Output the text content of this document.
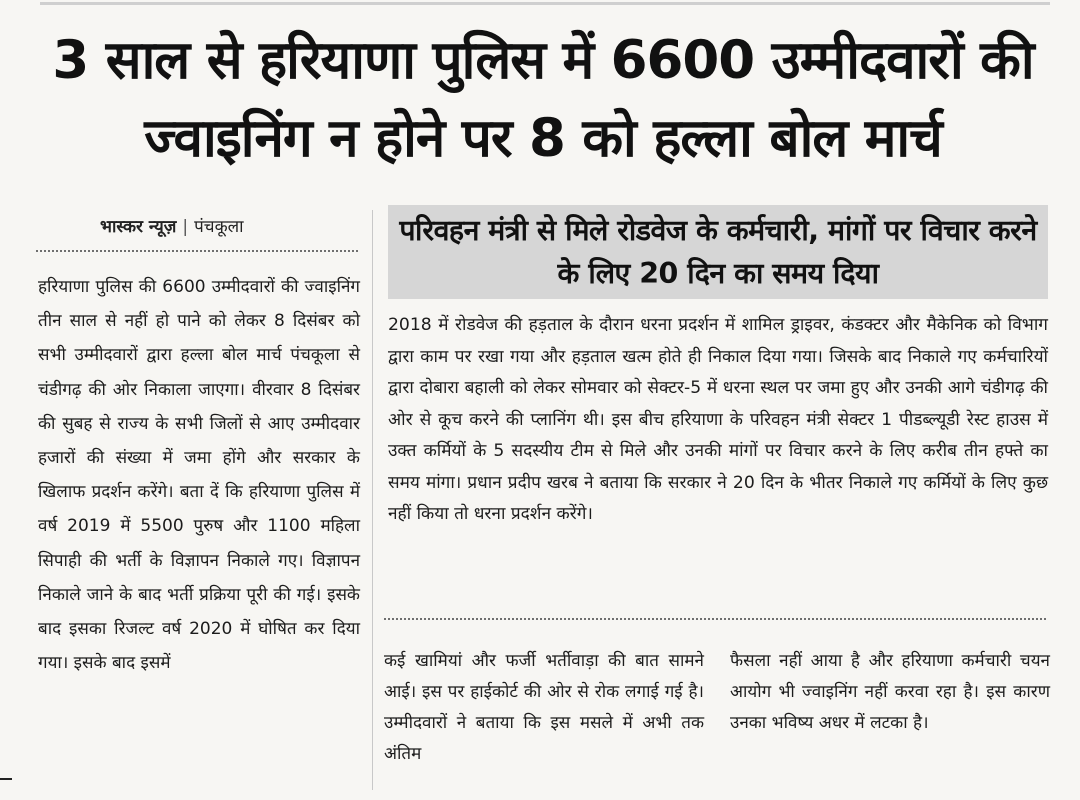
3 साल से हरियाणा पुलिस में 6600 उम्मीदवारों की ज्वाइनिंग न होने पर 8 को हल्ला बोल मार्च
भास्कर न्यूज़ | पंचकूला
हरियाणा पुलिस की 6600 उम्मीदवारों की ज्वाइनिंग तीन साल से नहीं हो पाने को लेकर 8 दिसंबर को सभी उम्मीदवारों द्वारा हल्ला बोल मार्च पंचकूला से चंडीगढ़ की ओर निकाला जाएगा। वीरवार 8 दिसंबर की सुबह से राज्य के सभी जिलों से आए उम्मीदवार हजारों की संख्या में जमा होंगे और सरकार के खिलाफ प्रदर्शन करेंगे। बता दें कि हरियाणा पुलिस में वर्ष 2019 में 5500 पुरुष और 1100 महिला सिपाही की भर्ती के विज्ञापन निकाले गए। विज्ञापन निकाले जाने के बाद भर्ती प्रक्रिया पूरी की गई। इसके बाद इसका रिजल्ट वर्ष 2020 में घोषित कर दिया गया। इसके बाद इसमें
परिवहन मंत्री से मिले रोडवेज के कर्मचारी, मांगों पर विचार करने के लिए 20 दिन का समय दिया
2018 में रोडवेज की हड़ताल के दौरान धरना प्रदर्शन में शामिल ड्राइवर, कंडक्टर और मैकेनिक को विभाग द्वारा काम पर रखा गया और हड़ताल खत्म होते ही निकाल दिया गया। जिसके बाद निकाले गए कर्मचारियों द्वारा दोबारा बहाली को लेकर सोमवार को सेक्टर-5 में धरना स्थल पर जमा हुए और उनकी आगे चंडीगढ़ की ओर से कूच करने की प्लानिंग थी। इस बीच हरियाणा के परिवहन मंत्री सेक्टर 1 पीडब्ल्यूडी रेस्ट हाउस में उक्त कर्मियों के 5 सदस्यीय टीम से मिले और उनकी मांगों पर विचार करने के लिए करीब तीन हफ्ते का समय मांगा। प्रधान प्रदीप खरब ने बताया कि सरकार ने 20 दिन के भीतर निकाले गए कर्मियों के लिए कुछ नहीं किया तो धरना प्रदर्शन करेंगे।
कई खामियां और फर्जी भर्तीवाड़ा की बात सामने आई। इस पर हाईकोर्ट की ओर से रोक लगाई गई है। उम्मीदवारों ने बताया कि इस मसले में अभी तक अंतिम
फैसला नहीं आया है और हरियाणा कर्मचारी चयन आयोग भी ज्वाइनिंग नहीं करवा रहा है। इस कारण उनका भविष्य अधर में लटका है।
